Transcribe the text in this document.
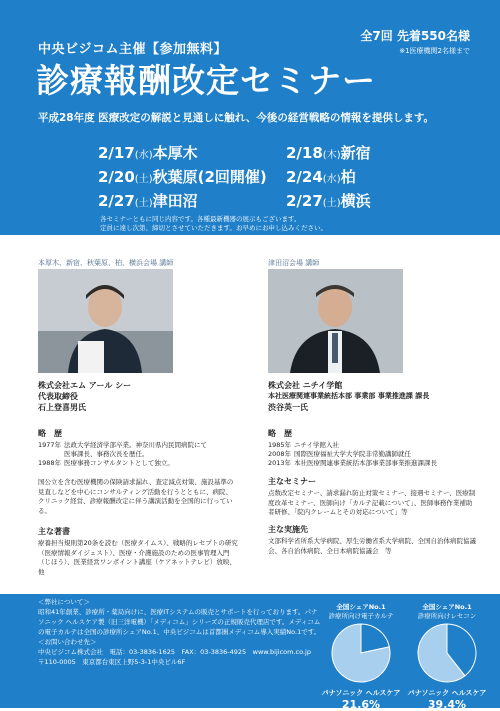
中央ビジコム主催【参加無料】
全7回 先着550名様
※1医療機関2名様まで
診療報酬改定セミナー
平成28年度 医療改定の解説と見通しに触れ、今後の経営戦略の情報を提供します。
2/17(水)本厚木	2/18(木)新宿
2/20(土)秋葉原(2回開催) 2/24(水)柏
2/27(土)津田沼	2/27(土)横浜
各セミナーともに同じ内容です。各種最新機器の展示もございます。
定員に達し次第、締切とさせていただきます。お早めにお申し込みください。
本厚木、新宿、秋葉原、柏、横浜会場 講師
株式会社エム アール シー
代表取締役
石上登喜男氏
略　歴
1977年 法政大学経済学部卒業。神奈川県内民間病院にて
医事課長、事務次長を歴任。
1988年 医療事務コンサルタントとして独立。
国公立を含む医療機関の保険請求漏れ、査定減点対策、施設基準の見直しなどを中心にコンサルティング活動を行うとともに、病院、クリニック経営、診療報酬改定に伴う講演活動を全国的に行っている。
主な著書
療養担当規則第20条を読む（医療タイムス）、戦略的レセプトの研究（医療情報ダイジェスト）、医療・介護施設のための医事管理入門（じほう）、医業経営ワンポイント講座（ケアネットテレビ）放映、他
津田沼会場 講師
株式会社 ニチイ学館
本社医療関連事業統括本部 事業部 事業推進課 課長
渋谷英一氏
略　歴
1985年 ニチイ学館入社
2008年 国際医療福祉大学大学院非常勤講師就任
2013年 本社医療関連事業統括本部事業部事業推進課課長
主なセミナー
点数改定セミナー、請求漏れ防止対策セミナー、接遇セミナー、医療制度改革セミナー、医師向け「カルテ記載について」、医師事務作業補助者研修、「院内クレームとその対応について」等
主な実施先
文部科学省所系大学病院、厚生労働省系大学病院、全国自治体病院協議会、各自治体病院、全日本病院協議会　等
＜弊社について＞
昭和41年創業、診療所・薬局向けに、医療ITシステムの販売とサポートを行っております。パナソニック ヘルスケア製（旧三洋電機）「メディコム」シリーズの正規販売代理店です。メディコムの電子カルテは全国の診療所シェアNo.1、中央ビジコムは首都圏メディコム導入実績No.1です。
＜お問い合わせ先＞
中央ビジコム株式会社　電話：03-3836-1625　FAX：03-3836-4925　www.bijicom.co.jp
〒110-0005　東京都台東区上野5-3-1中央ビル6F
全国シェアNo.1
診療所向け電子カルテ
パナソニック ヘルスケア
21.6%
全国シェアNo.1
診療所向けレセコン
パナソニック ヘルスケア
39.4%
